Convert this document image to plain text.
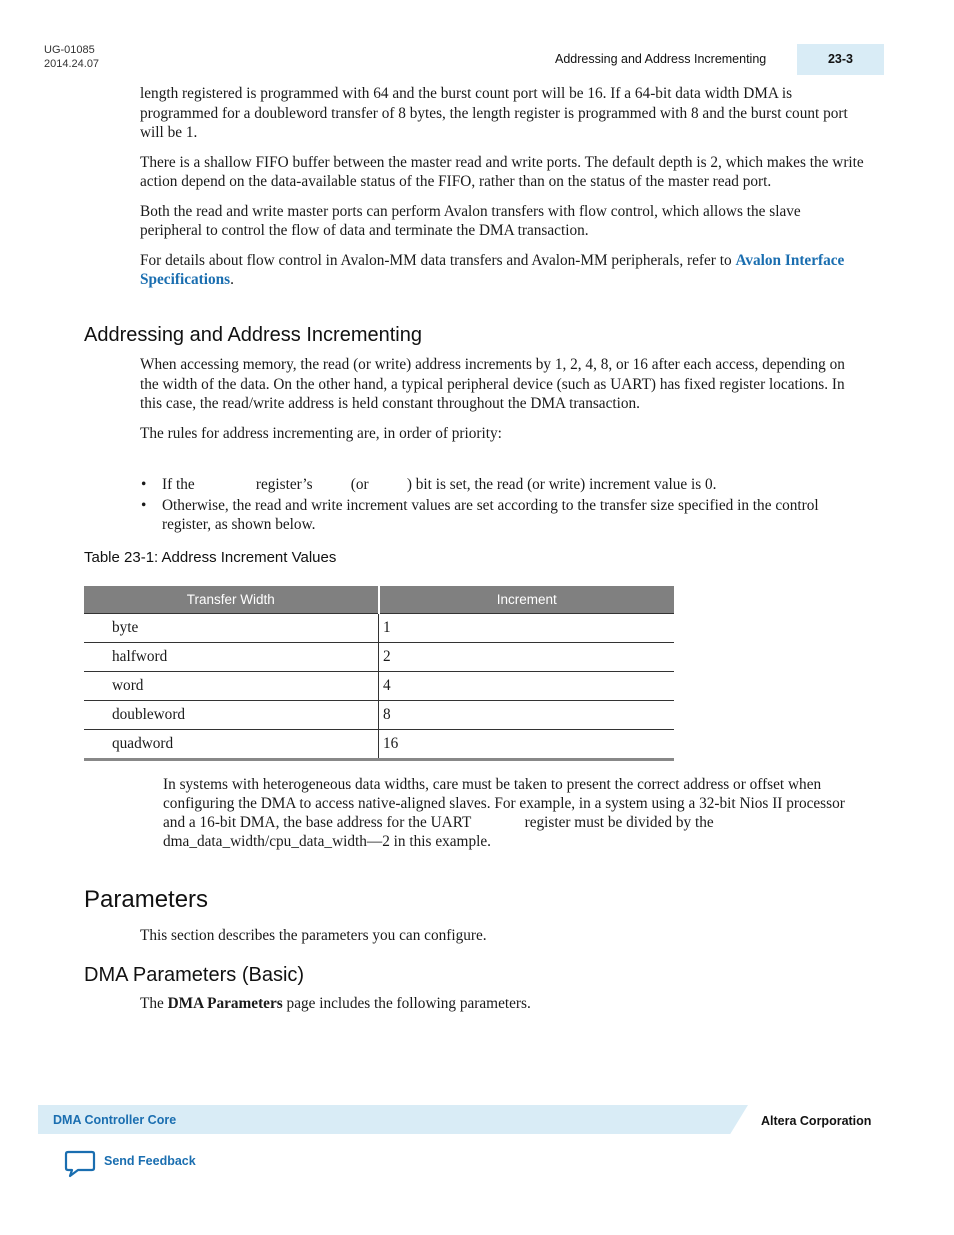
UG-01085
2014.24.07	Addressing and Address Incrementing	23-3

length registered is programmed with 64 and the burst count port will be 16. If a 64-bit data width DMA is programmed for a doubleword transfer of 8 bytes, the length register is programmed with 8 and the burst count port will be 1.

There is a shallow FIFO buffer between the master read and write ports. The default depth is 2, which makes the write action depend on the data-available status of the FIFO, rather than on the status of the master read port.

Both the read and write master ports can perform Avalon transfers with flow control, which allows the slave peripheral to control the flow of data and terminate the DMA transaction.

For details about flow control in Avalon-MM data transfers and Avalon-MM peripherals, refer to Avalon Interface Specifications.

Addressing and Address Incrementing

When accessing memory, the read (or write) address increments by 1, 2, 4, 8, or 16 after each access, depending on the width of the data. On the other hand, a typical peripheral device (such as UART) has fixed register locations. In this case, the read/write address is held constant throughout the DMA transaction.

The rules for address incrementing are, in order of priority:

• If the                register’s          (or          ) bit is set, the read (or write) increment value is 0.
• Otherwise, the read and write increment values are set according to the transfer size specified in the control register, as shown below.
Table 23-1: Address Increment Values
Transfer Width	Increment
byte	1
halfword	2
word	4
doubleword	8
quadword	16
In systems with heterogeneous data widths, care must be taken to present the correct address or offset when configuring the DMA to access native-aligned slaves. For example, in a system using a 32-bit Nios II processor and a 16-bit DMA, the base address for the UART              register must be divided by the dma_data_width/cpu_data_width—2 in this example.
Parameters
This section describes the parameters you can configure.
DMA Parameters (Basic)
The DMA Parameters page includes the following parameters.
DMA Controller Core	Altera Corporation
Send Feedback
